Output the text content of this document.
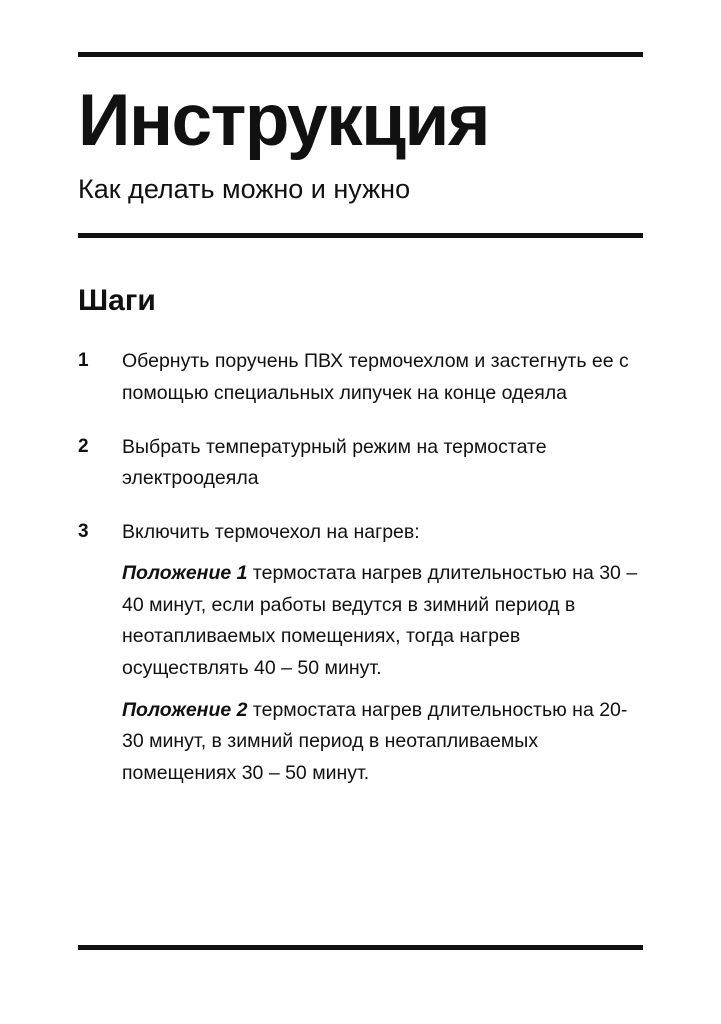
Инструкция

Как делать можно и нужно

Шаги
1	Обернуть поручень ПВХ термочехлом и застегнуть ее с помощью специальных липучек на конце одеяла

2	Выбрать температурный режим на термостате электроодеяла

3	Включить термочехол на нагрев:

Положение 1 термостата нагрев длительностью на 30 – 40 минут, если работы ведутся в зимний период в неотапливаемых помещениях, тогда нагрев осуществлять 40 – 50 минут.

Положение 2 термостата нагрев длительностью на 20-30 минут, в зимний период в неотапливаемых помещениях 30 – 50 минут.
